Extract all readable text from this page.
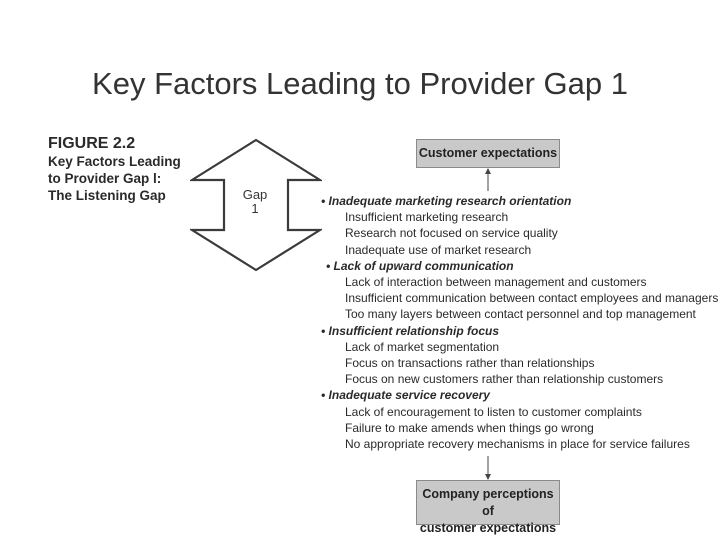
Key Factors Leading to Provider Gap 1
FIGURE 2.2
Key Factors Leading
to Provider Gap l:
The Listening Gap	Gap
1
Customer expectations
• Inadequate marketing research orientation
Insufficient marketing research
Research not focused on service quality
Inadequate use of market research
• Lack of upward communication
Lack of interaction between management and customers
Insufficient communication between contact employees and managers
Too many layers between contact personnel and top management
• Insufficient relationship focus
Lack of market segmentation
Focus on transactions rather than relationships
Focus on new customers rather than relationship customers
• Inadequate service recovery
Lack of encouragement to listen to customer complaints
Failure to make amends when things go wrong
No appropriate recovery mechanisms in place for service failures
Company perceptions of
customer expectations
